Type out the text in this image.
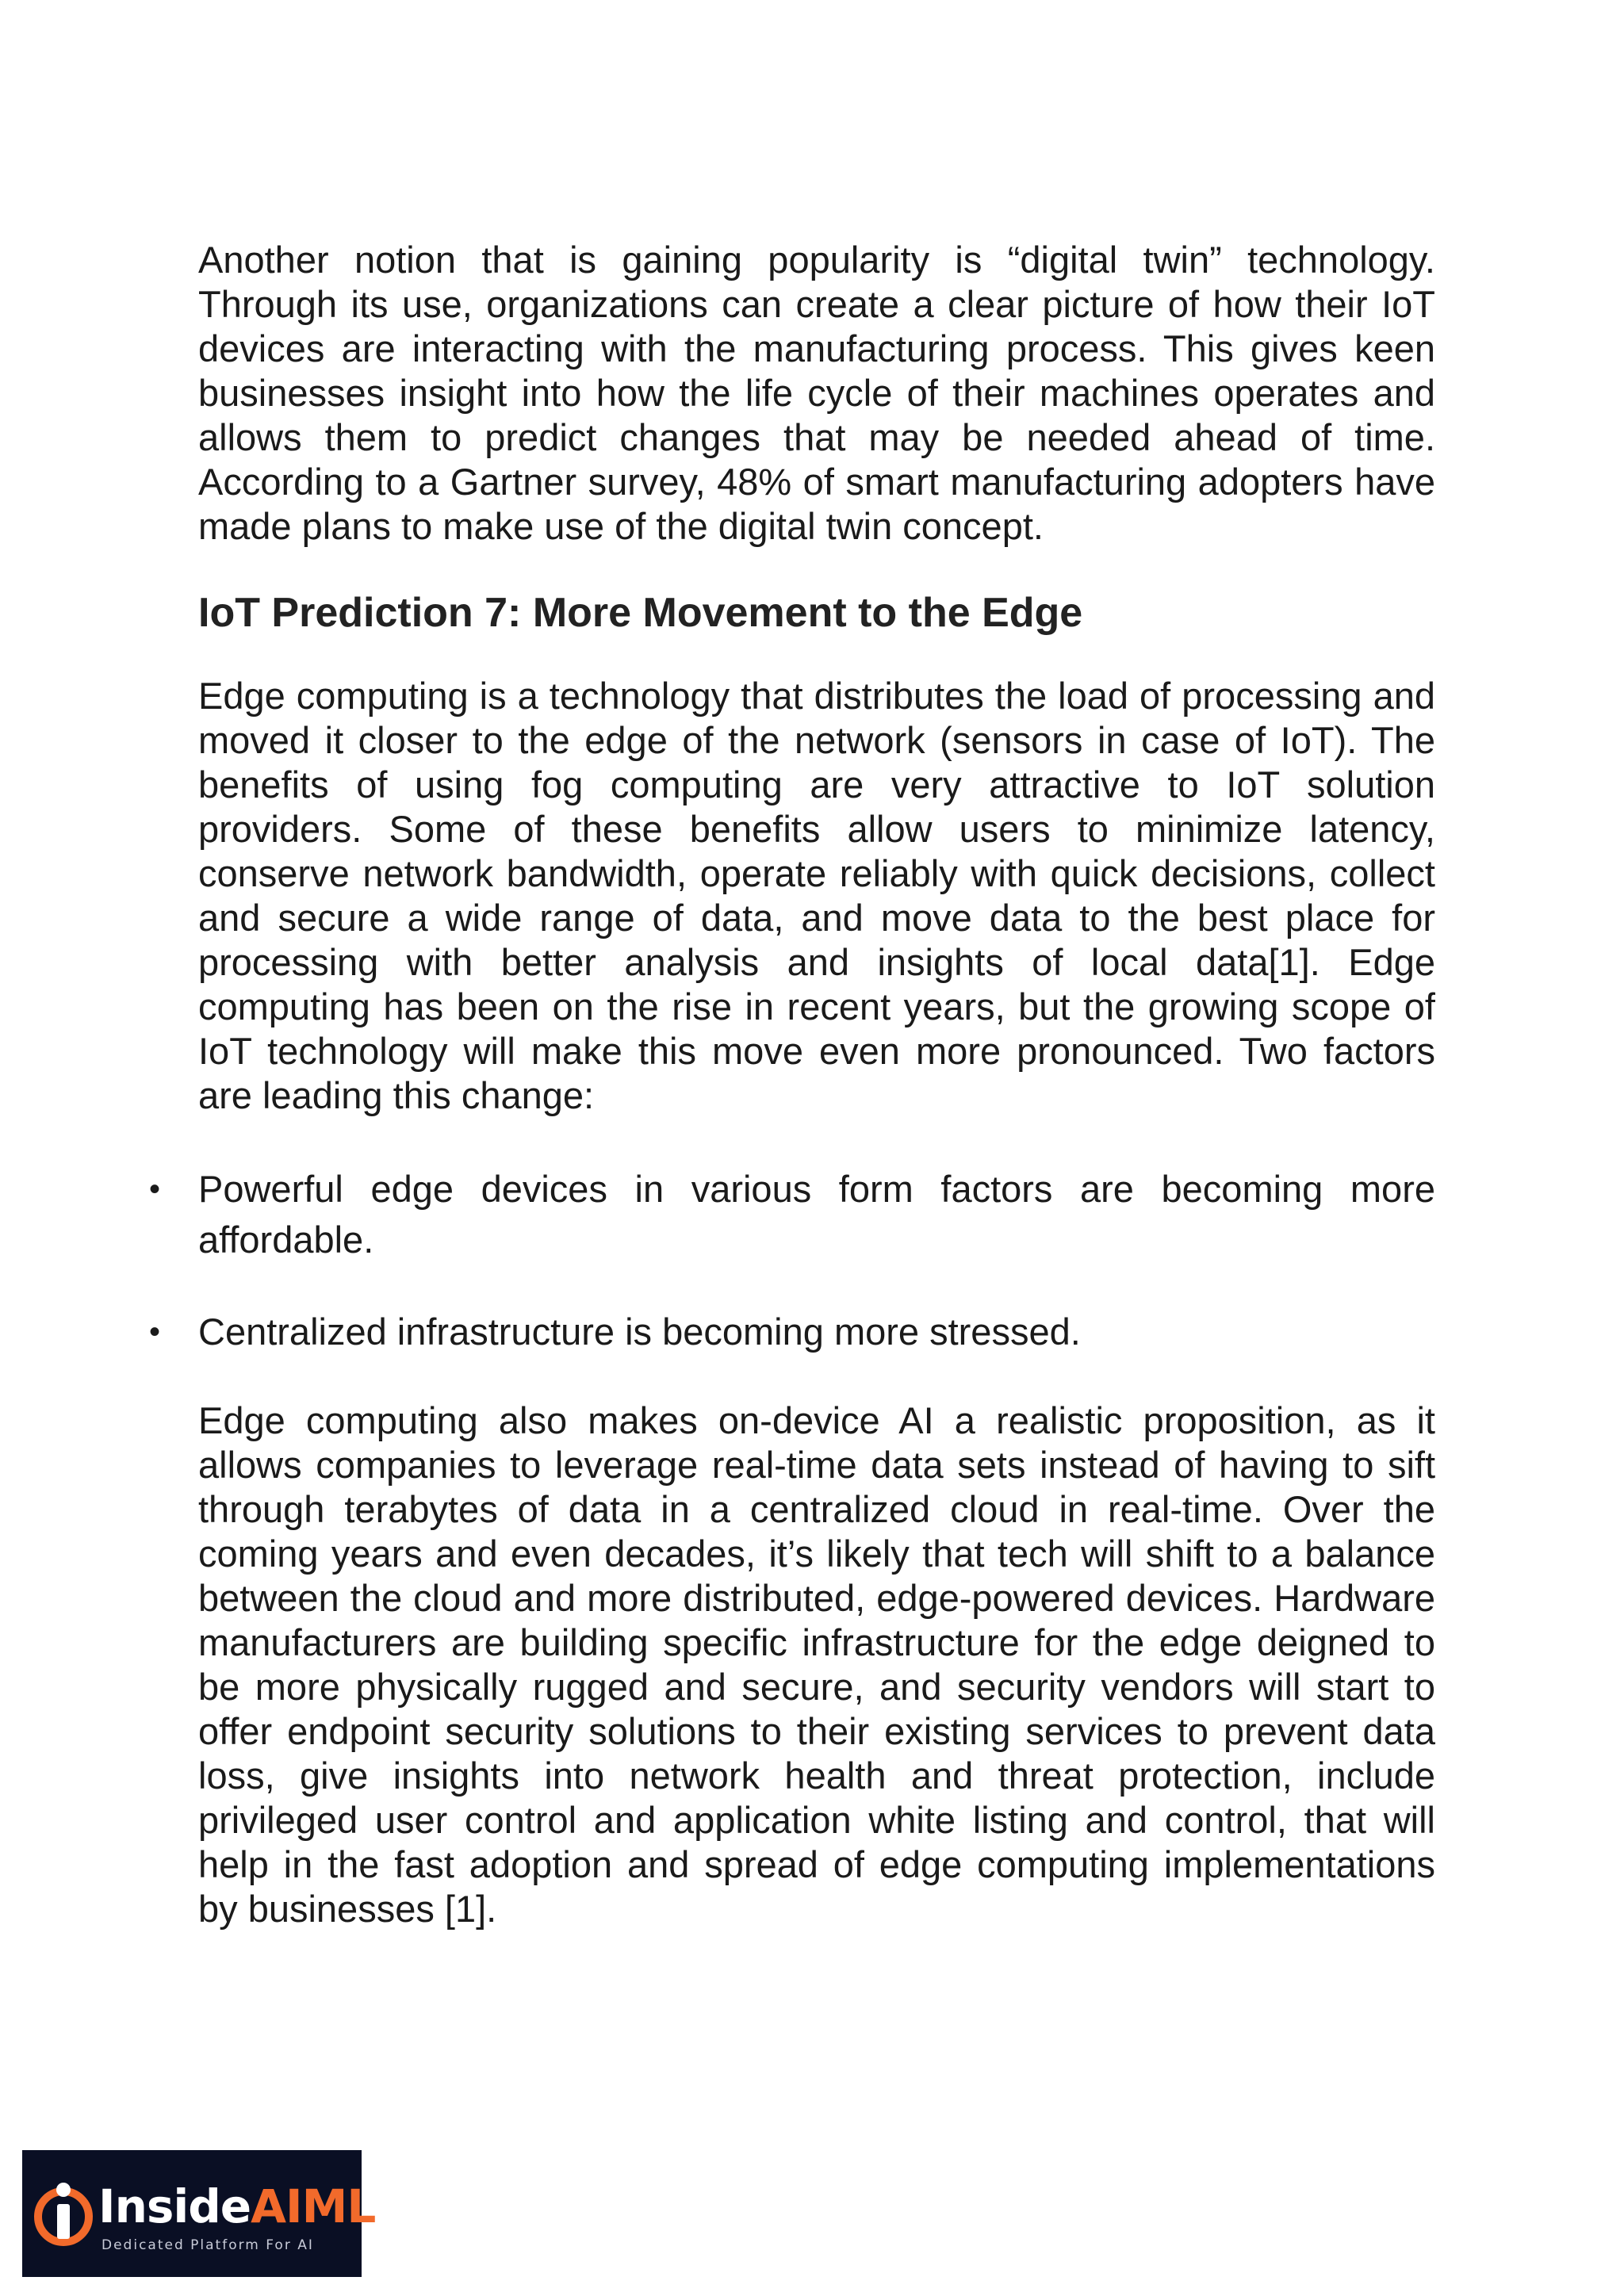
Another notion that is gaining popularity is “digital twin” technology. Through its use, organizations can create a clear picture of how their IoT devices are interacting with the manufacturing process. This gives keen businesses insight into how the life cycle of their machines operates and allows them to predict changes that may be needed ahead of time. According to a Gartner survey, 48% of smart manufacturing adopters have made plans to make use of the digital twin concept.

IoT Prediction 7: More Movement to the Edge

Edge computing is a technology that distributes the load of processing and moved it closer to the edge of the network (sensors in case of IoT). The benefits of using fog computing are very attractive to IoT solution providers. Some of these benefits allow users to minimize latency, conserve network bandwidth, operate reliably with quick decisions, collect and secure a wide range of data, and move data to the best place for processing with better analysis and insights of local data[1]. Edge computing has been on the rise in recent years, but the growing scope of IoT technology will make this move even more pronounced. Two factors are leading this change:

• Powerful edge devices in various form factors are becoming more affordable.
• Centralized infrastructure is becoming more stressed.

Edge computing also makes on-device AI a realistic proposition, as it allows companies to leverage real-time data sets instead of having to sift through terabytes of data in a centralized cloud in real-time. Over the coming years and even decades, it’s likely that tech will shift to a balance between the cloud and more distributed, edge-powered devices. Hardware manufacturers are building specific infrastructure for the edge deigned to be more physically rugged and secure, and security vendors will start to offer endpoint security solutions to their existing services to prevent data loss, give insights into network health and threat protection, include privileged user control and application white listing and control, that will help in the fast adoption and spread of edge computing implementations by businesses [1].

InsideAIML
Dedicated Platform For AI
